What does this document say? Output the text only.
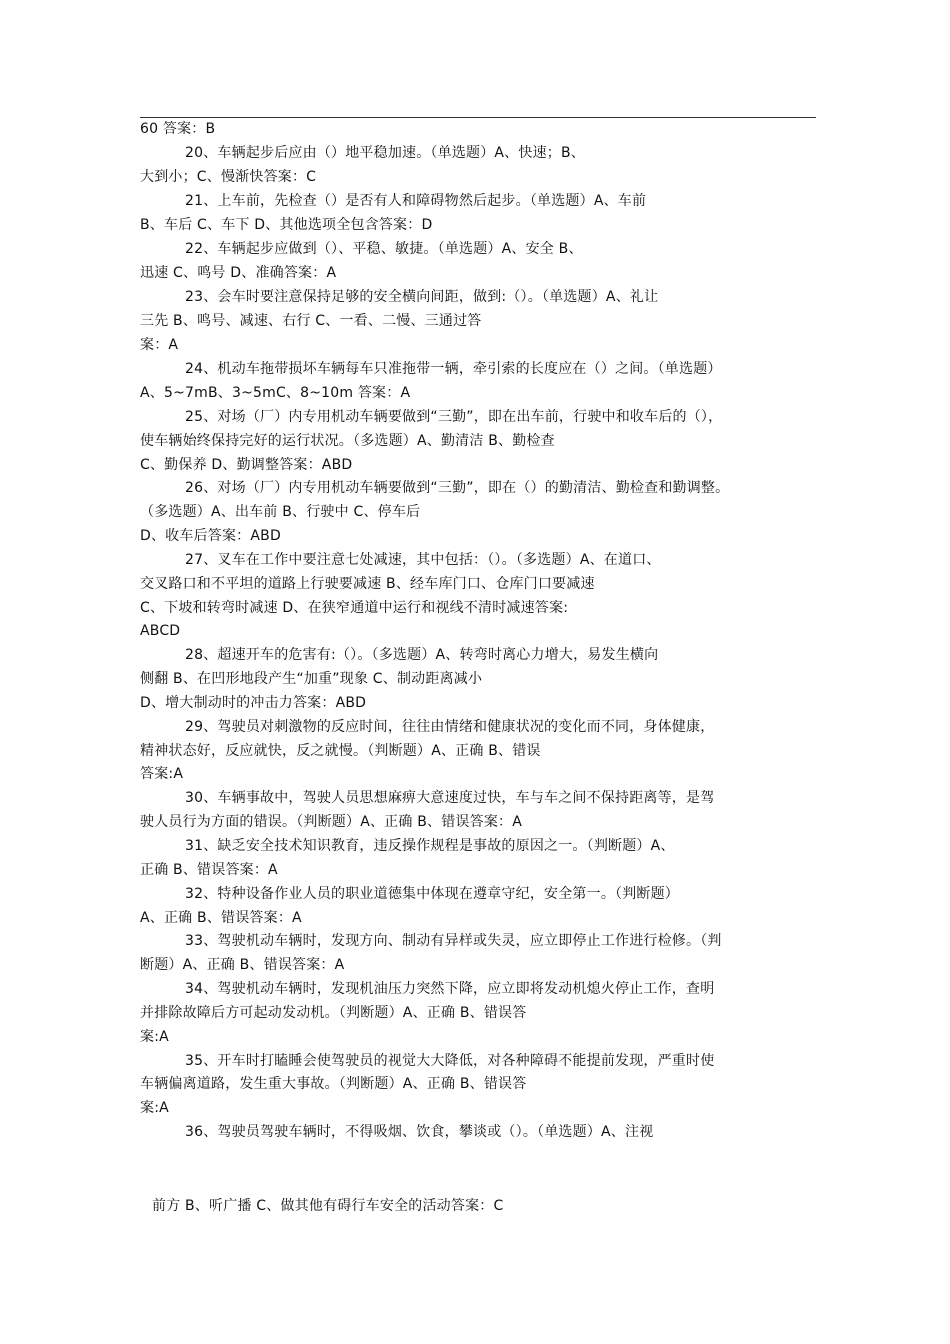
60 答案：B
20、车辆起步后应由（）地平稳加速。（单选题）A、快速；B、
大到小；C、慢渐快答案：C
21、上车前，先检查（）是否有人和障碍物然后起步。（单选题）A、车前
B、车后 C、车下 D、其他选项全包含答案：D
22、车辆起步应做到（）、平稳、敏捷。（单选题）A、安全 B、
迅速 C、鸣号 D、准确答案：A
23、会车时要注意保持足够的安全横向间距，做到:（）。（单选题）A、礼让
三先 B、鸣号、减速、右行 C、一看、二慢、三通过答
案：A
24、机动车拖带损坏车辆每车只准拖带一辆，牵引索的长度应在（）之间。（单选题）
A、5~7mB、3~5mC、8~10m 答案：A
25、对场（厂）内专用机动车辆要做到“三勤”，即在出车前，行驶中和收车后的（），
使车辆始终保持完好的运行状况。（多选题）A、勤清洁 B、勤检查
C、勤保养 D、勤调整答案：ABD
26、对场（厂）内专用机动车辆要做到“三勤”，即在（）的勤清洁、勤检查和勤调整。
（多选题）A、出车前 B、行驶中 C、停车后
D、收车后答案：ABD
27、叉车在工作中要注意七处减速，其中包括：（）。（多选题）A、在道口、
交叉路口和不平坦的道路上行驶要减速 B、经车库门口、仓库门口要减速
C、下坡和转弯时减速 D、在狭窄通道中运行和视线不清时减速答案:
ABCD
28、超速开车的危害有:（）。（多选题）A、转弯时离心力增大，易发生横向
侧翻 B、在凹形地段产生“加重”现象 C、制动距离减小
D、增大制动时的冲击力答案：ABD
29、驾驶员对刺激物的反应时间，往往由情绪和健康状况的变化而不同，身体健康，
精神状态好，反应就快，反之就慢。（判断题）A、正确 B、错误
答案:A
30、车辆事故中，驾驶人员思想麻痹大意速度过快，车与车之间不保持距离等，是驾
驶人员行为方面的错误。（判断题）A、正确 B、错误答案：A
31、缺乏安全技术知识教育，违反操作规程是事故的原因之一。（判断题）A、
正确 B、错误答案：A
32、特种设备作业人员的职业道德集中体现在遵章守纪，安全第一。（判断题）
A、正确 B、错误答案：A
33、驾驶机动车辆时，发现方向、制动有异样或失灵，应立即停止工作进行检修。（判
断题）A、正确 B、错误答案：A
34、驾驶机动车辆时，发现机油压力突然下降，应立即将发动机熄火停止工作，查明
并排除故障后方可起动发动机。（判断题）A、正确 B、错误答
案:A
35、开车时打瞌睡会使驾驶员的视觉大大降低，对各种障碍不能提前发现，严重时使
车辆偏离道路，发生重大事故。（判断题）A、正确 B、错误答
案:A
36、驾驶员驾驶车辆时，不得吸烟、饮食，攀谈或（）。（单选题）A、注视
前方 B、听广播 C、做其他有碍行车安全的活动答案：C
